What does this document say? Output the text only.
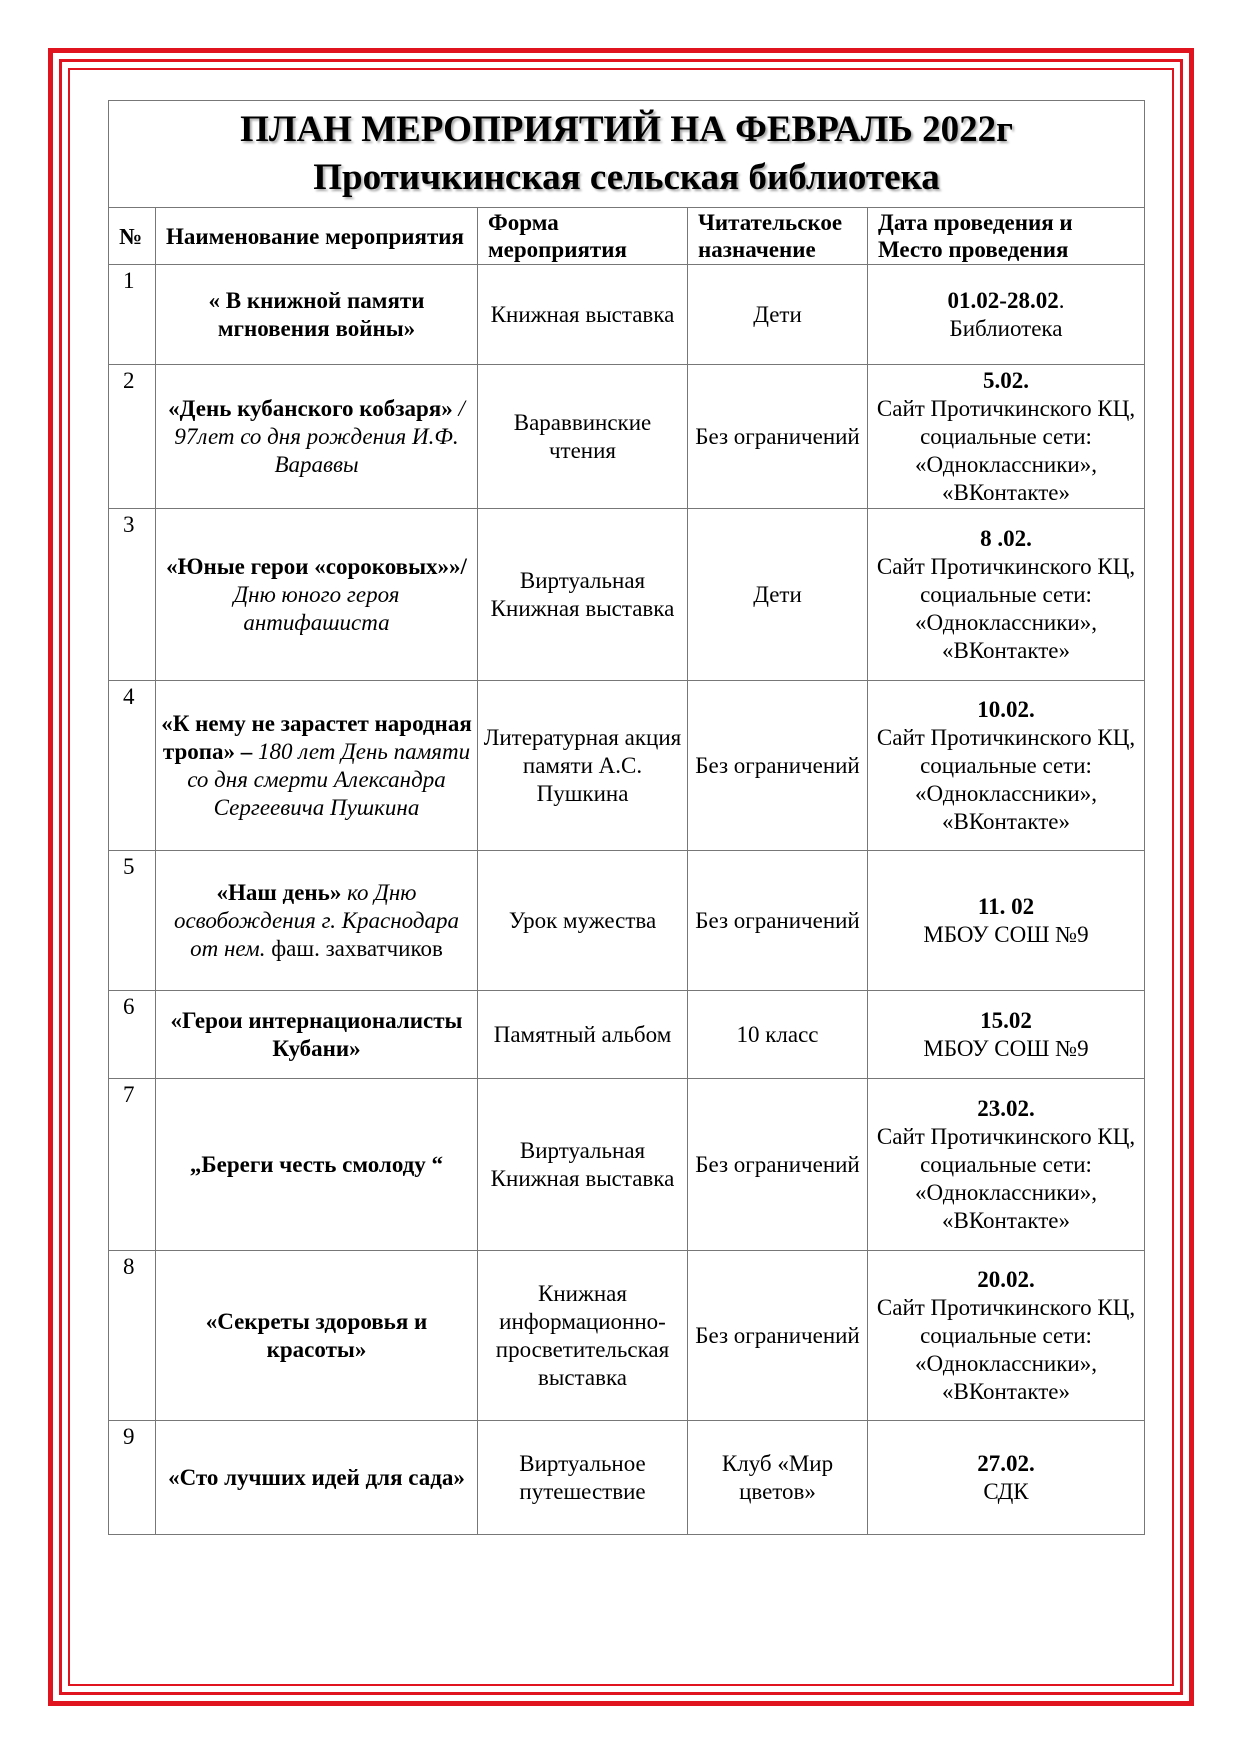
ПЛАН МЕРОПРИЯТИЙ НА ФЕВРАЛЬ 2022г
Протичкинская сельская библиотека				

№	Наименование мероприятия	Форма мероприятия	Читательское назначение	Дата проведения и Место проведения
1	« В книжной памяти мгновения войны»	Книжная выставка	Дети	01.02-28.02.
Библиотека
2	«День кубанского кобзаря» / 97лет со дня рождения И.Ф. Вараввы	Вараввинские чтения	Без ограничений	5.02.
Сайт Протичкинского КЦ, социальные сети: «Одноклассники», «ВКонтакте»
3	«Юные герои «сороковых»»/ Дню юного героя антифашиста	Виртуальная Книжная выставка	Дети	8 .02.
Сайт Протичкинского КЦ, социальные сети: «Одноклассники», «ВКонтакте»
4	«К нему не зарастет народная тропа» – 180 лет День памяти со дня смерти Александра Сергеевича Пушкина	Литературная акция памяти А.С. Пушкина	Без ограничений	10.02.
Сайт Протичкинского КЦ, социальные сети: «Одноклассники», «ВКонтакте»
5	«Наш день» ко Дню освобождения г. Краснодара от нем. фаш. захватчиков	Урок мужества	Без ограничений	11. 02
МБОУ СОШ №9
6	«Герои интернационалисты Кубани»	Памятный альбом	10 класс	15.02
МБОУ СОШ №9
7	„Береги честь смолоду “	Виртуальная Книжная выставка	Без ограничений	23.02.
Сайт Протичкинского КЦ, социальные сети: «Одноклассники», «ВКонтакте»
8	«Секреты здоровья и красоты»	Книжная информационно-просветительская выставка	Без ограничений	20.02.
Сайт Протичкинского КЦ, социальные сети: «Одноклассники», «ВКонтакте»
9	«Сто лучших идей для сада»	Виртуальное путешествие	Клуб «Мир цветов»	27.02.
СДК
